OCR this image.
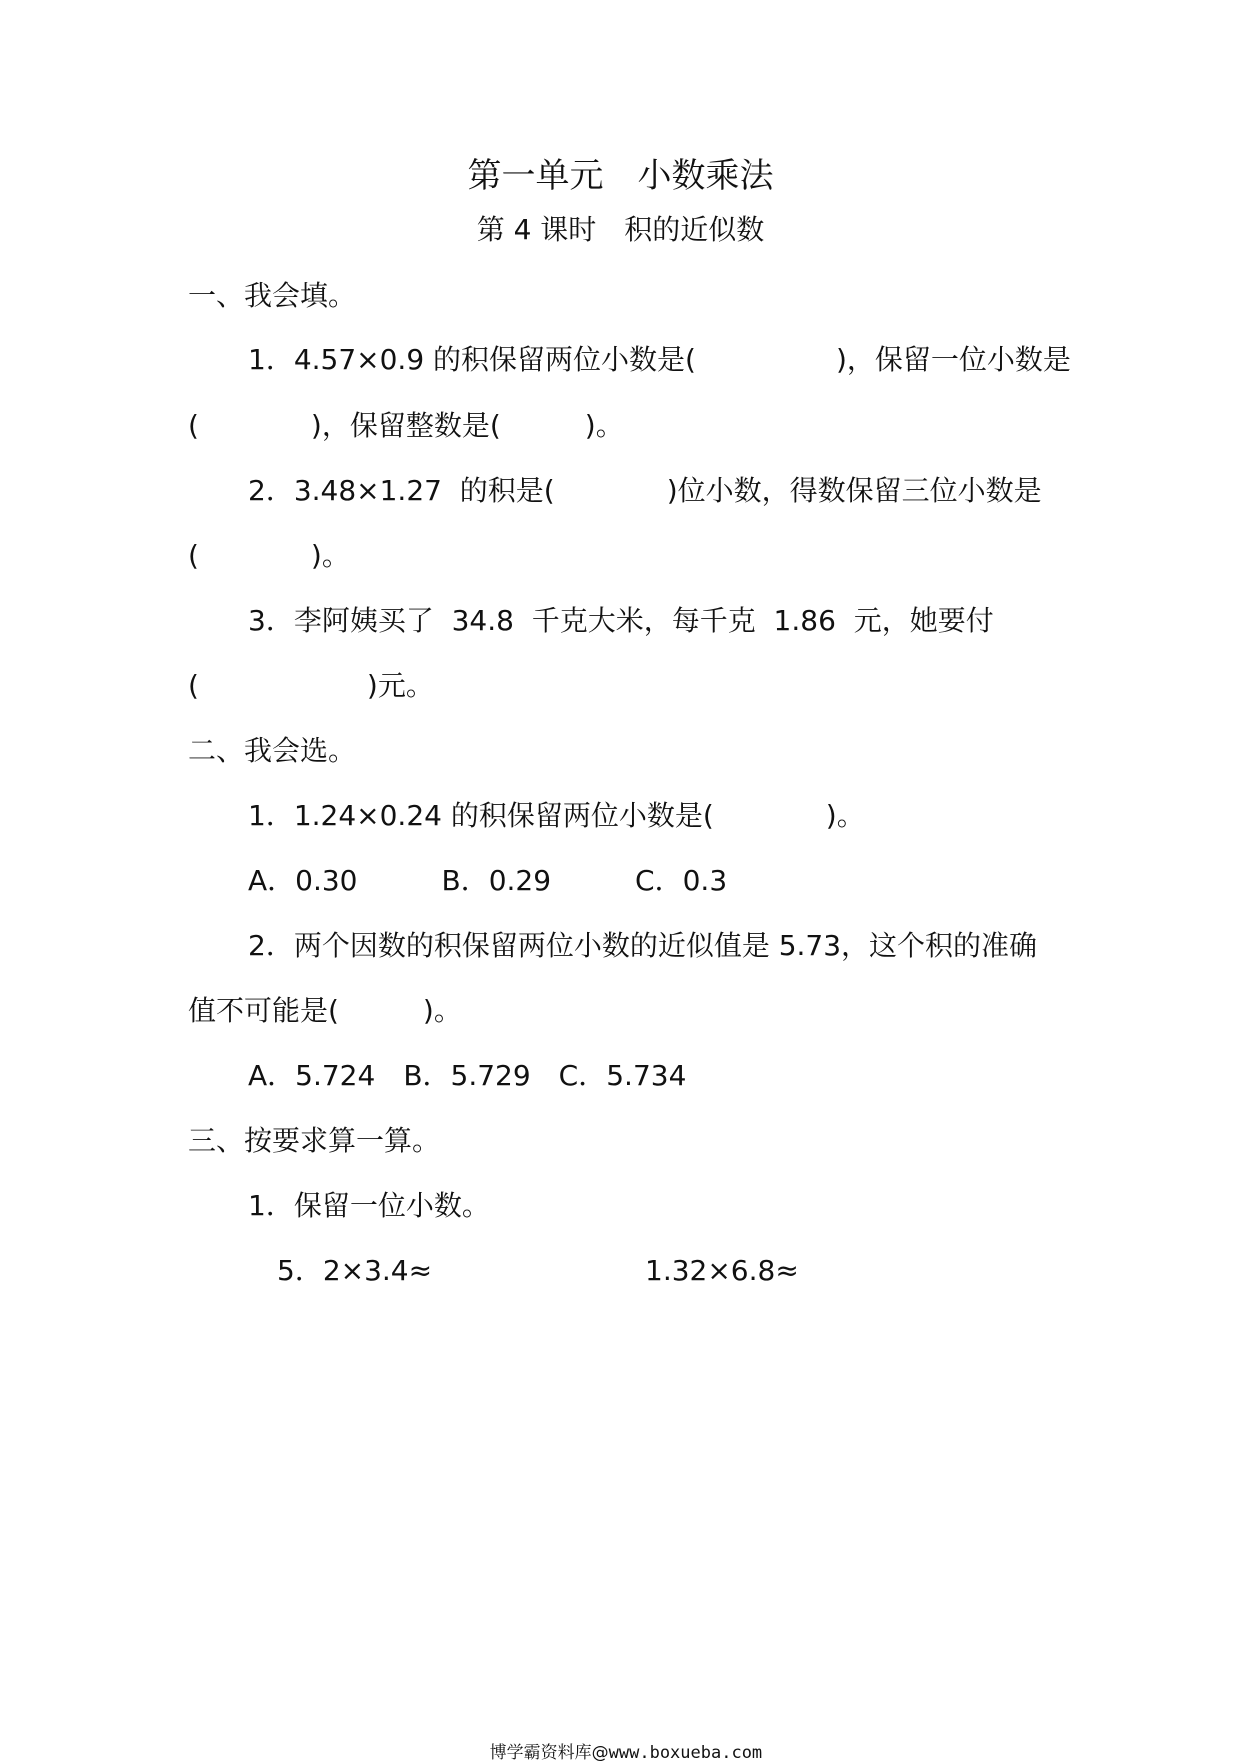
第一单元　小数乘法
第 4 课时　积的近似数
一、我会填。
1．4.57×0.9 的积保留两位小数是(　　　　　)，保留一位小数是
(　　　　)，保留整数是(　　　)。
2．3.48×1.27  的积是(　　　　)位小数，得数保留三位小数是
(　　　　)。
3．李阿姨买了  34.8  千克大米，每千克  1.86  元，她要付
(　　　　　　)元。
二、我会选。
1．1.24×0.24 的积保留两位小数是(　　　　)。
A．0.30　　　B．0.29　　　C．0.3
2．两个因数的积保留两位小数的近似值是 5.73，这个积的准确
值不可能是(　　　)。
A．5.724　B．5.729　C．5.734
三、按要求算一算。
1．保留一位小数。
5．2×3.4≈	1.32×6.8≈

博学霸资料库@www.boxueba.com
